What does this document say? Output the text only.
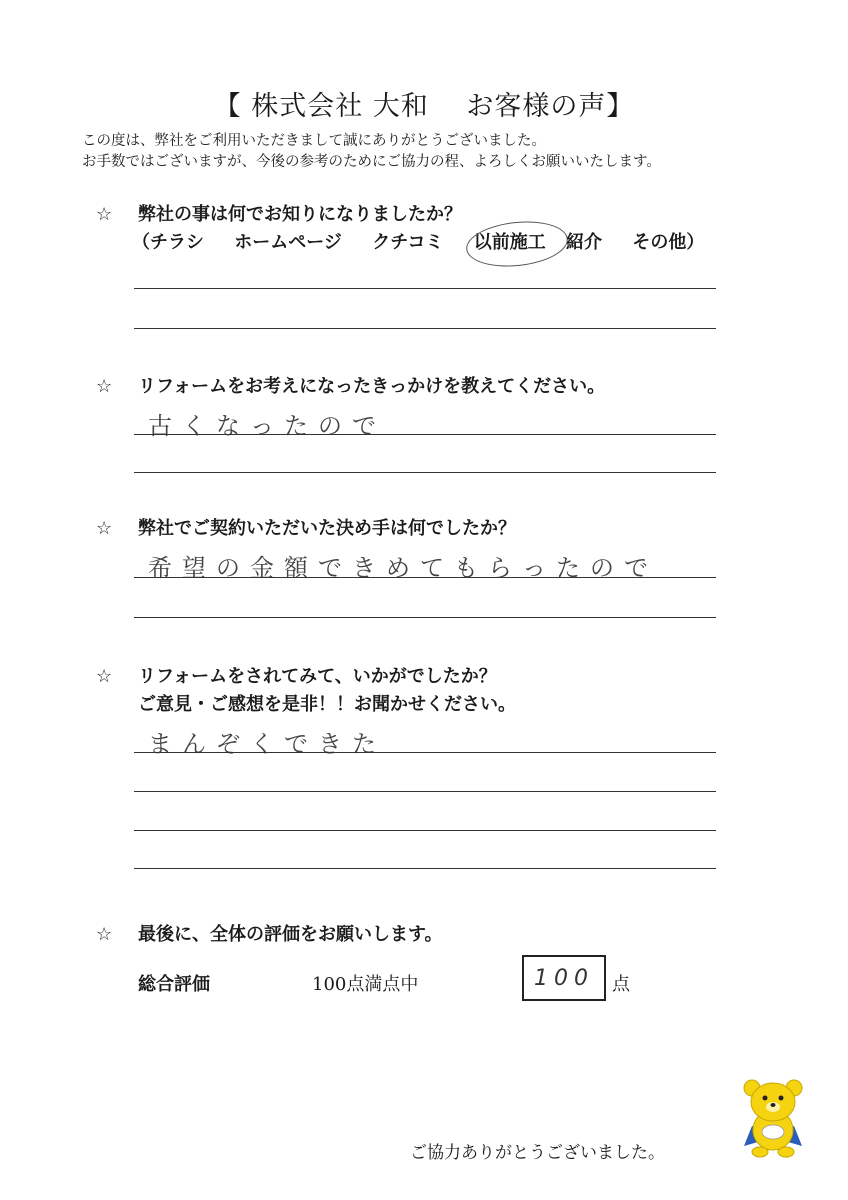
【 株式会社 大和　 お客様の声】
この度は、弊社をご利用いただきまして誠にありがとうございました。
お手数ではございますが、今後の参考のためにご協力の程、よろしくお願いいたします。
☆ 弊社の事は何でお知りになりましたか？
（チラシ ホームページ クチコミ 以前施工 紹介 その他）
☆ リフォームをお考えになったきっかけを教えてください。
古くなったので
☆ 弊社でご契約いただいた決め手は何でしたか？
希望の金額できめてもらったので
☆ リフォームをされてみて、いかがでしたか？
ご意見・ご感想を是非！！お聞かせください。
まんぞくできた
☆ 最後に、全体の評価をお願いします。
総合評価	100点満点中	100	点
ご協力ありがとうございました。
